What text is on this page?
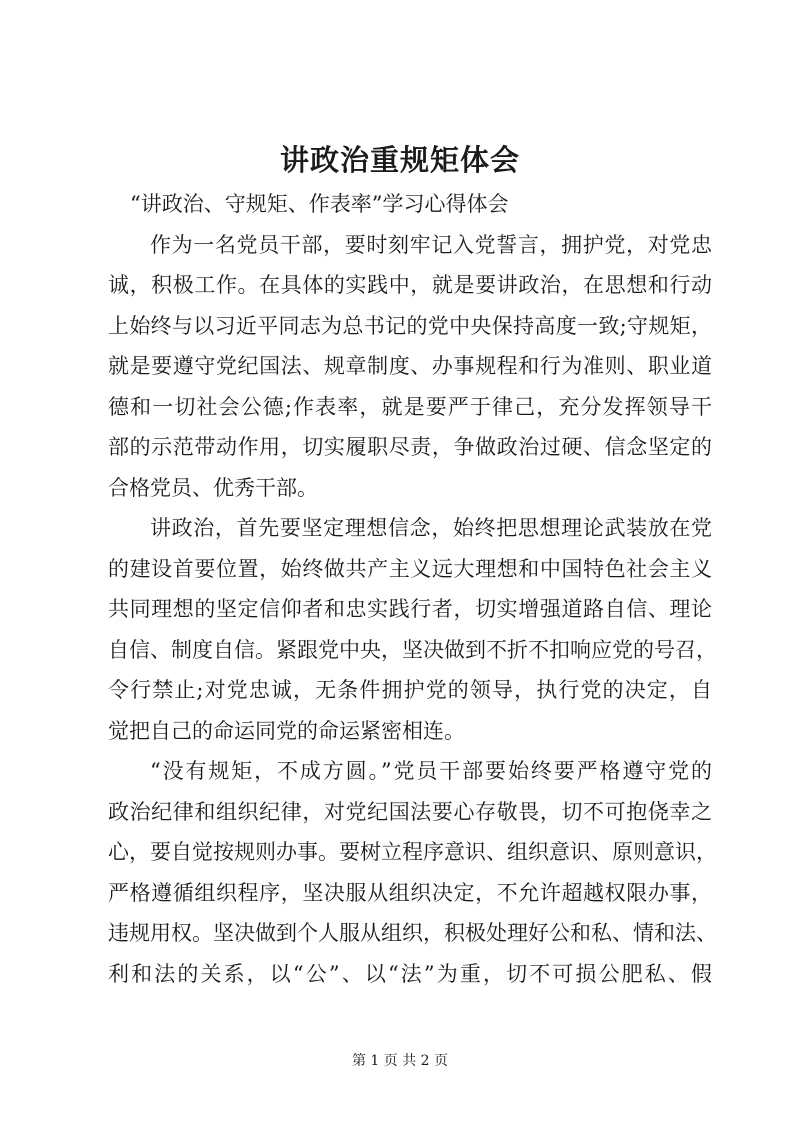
讲政治重规矩体会
“讲政治、守规矩、作表率”学习心得体会
作为一名党员干部，要时刻牢记入党誓言，拥护党，对党忠
诚，积极工作。在具体的实践中，就是要讲政治，在思想和行动
上始终与以习近平同志为总书记的党中央保持高度一致;守规矩，
就是要遵守党纪国法、规章制度、办事规程和行为准则、职业道
德和一切社会公德;作表率，就是要严于律己，充分发挥领导干
部的示范带动作用，切实履职尽责，争做政治过硬、信念坚定的
合格党员、优秀干部。
讲政治，首先要坚定理想信念，始终把思想理论武装放在党
的建设首要位置，始终做共产主义远大理想和中国特色社会主义
共同理想的坚定信仰者和忠实践行者，切实增强道路自信、理论
自信、制度自信。紧跟党中央，坚决做到不折不扣响应党的号召，
令行禁止;对党忠诚，无条件拥护党的领导，执行党的决定，自
觉把自己的命运同党的命运紧密相连。
“没有规矩，不成方圆。”党员干部要始终要严格遵守党的
政治纪律和组织纪律，对党纪国法要心存敬畏，切不可抱侥幸之
心，要自觉按规则办事。要树立程序意识、组织意识、原则意识，
严格遵循组织程序，坚决服从组织决定，不允许超越权限办事，
违规用权。坚决做到个人服从组织，积极处理好公和私、情和法、
利和法的关系，以“公”、以“法”为重，切不可损公肥私、假
第 1 页 共 2 页
